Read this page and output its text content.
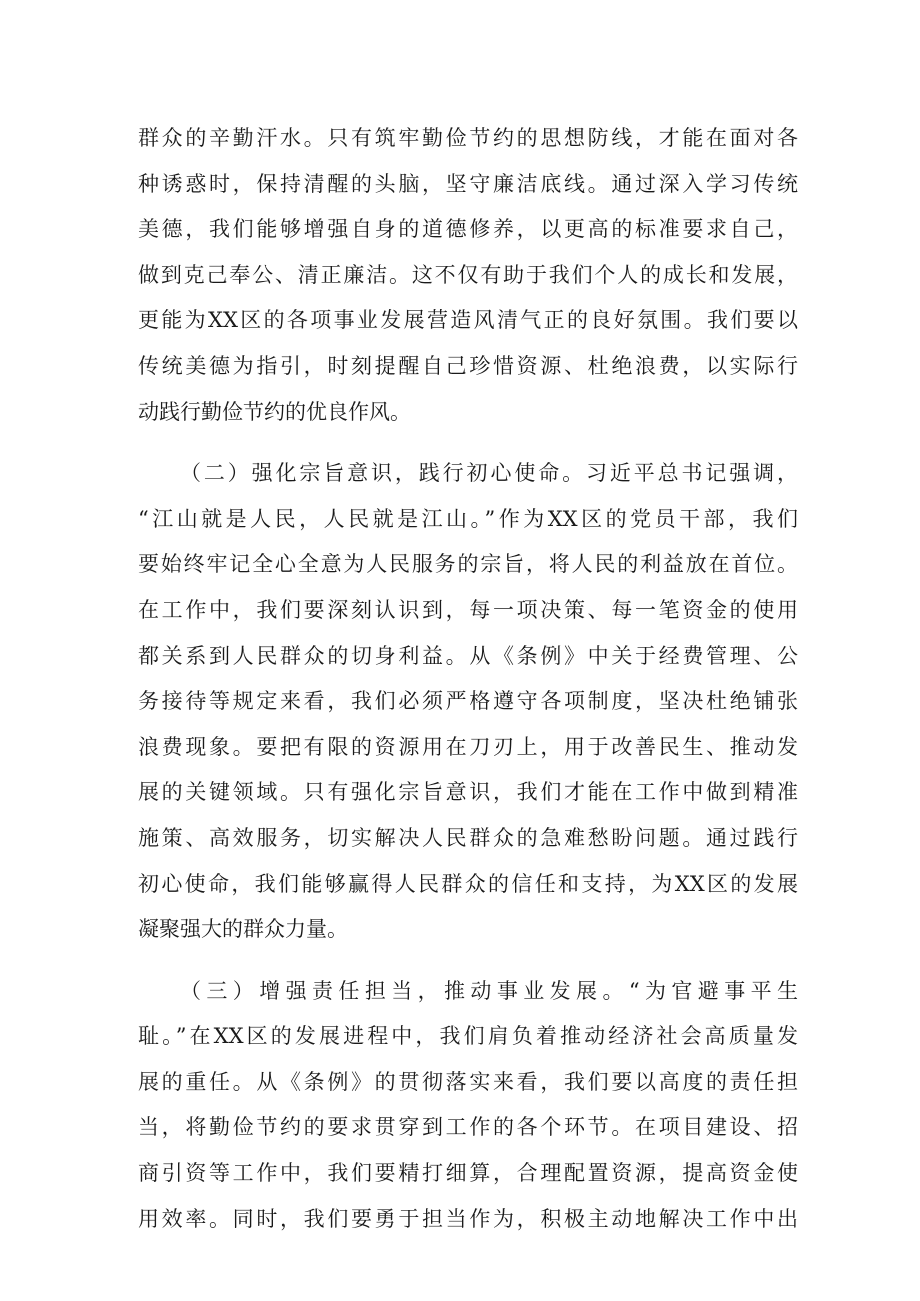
群众的辛勤汗水。只有筑牢勤俭节约的思想防线，才能在面对各
种诱惑时，保持清醒的头脑，坚守廉洁底线。通过深入学习传统
美德，我们能够增强自身的道德修养，以更高的标准要求自己，
做到克己奉公、清正廉洁。这不仅有助于我们个人的成长和发展，
更能为XX区的各项事业发展营造风清气正的良好氛围。我们要以
传统美德为指引，时刻提醒自己珍惜资源、杜绝浪费，以实际行
动践行勤俭节约的优良作风。
（二）强化宗旨意识，践行初心使命。习近平总书记强调，
“江山就是人民，人民就是江山。”作为XX区的党员干部，我们
要始终牢记全心全意为人民服务的宗旨，将人民的利益放在首位。
在工作中，我们要深刻认识到，每一项决策、每一笔资金的使用
都关系到人民群众的切身利益。从《条例》中关于经费管理、公
务接待等规定来看，我们必须严格遵守各项制度，坚决杜绝铺张
浪费现象。要把有限的资源用在刀刃上，用于改善民生、推动发
展的关键领域。只有强化宗旨意识，我们才能在工作中做到精准
施策、高效服务，切实解决人民群众的急难愁盼问题。通过践行
初心使命，我们能够赢得人民群众的信任和支持，为XX区的发展
凝聚强大的群众力量。
（三）增强责任担当，推动事业发展。“为官避事平生
耻。”在XX区的发展进程中，我们肩负着推动经济社会高质量发
展的重任。从《条例》的贯彻落实来看，我们要以高度的责任担
当，将勤俭节约的要求贯穿到工作的各个环节。在项目建设、招
商引资等工作中，我们要精打细算，合理配置资源，提高资金使
用效率。同时，我们要勇于担当作为，积极主动地解决工作中出
